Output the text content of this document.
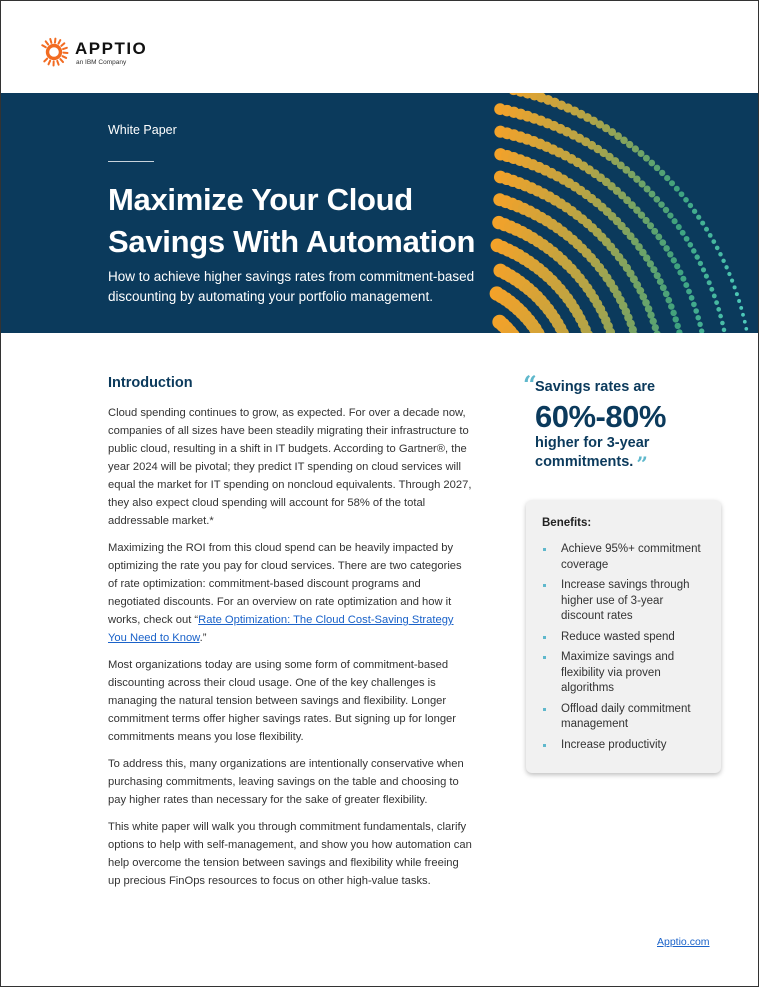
APPTIO
an IBM Company
White Paper
Maximize Your Cloud Savings With Automation
How to achieve higher savings rates from commitment-based discounting by automating your portfolio management.
Introduction

Cloud spending continues to grow, as expected. For over a decade now, companies of all sizes have been steadily migrating their infrastructure to public cloud, resulting in a shift in IT budgets. According to Gartner®, the year 2024 will be pivotal; they predict IT spending on cloud services will equal the market for IT spending on noncloud equivalents. Through 2027, they also expect cloud spending will account for 58% of the total addressable market.*

Maximizing the ROI from this cloud spend can be heavily impacted by optimizing the rate you pay for cloud services. There are two categories of rate optimization: commitment-based discount programs and negotiated discounts. For an overview on rate optimization and how it works, check out “Rate Optimization: The Cloud Cost-Saving Strategy You Need to Know.”

Most organizations today are using some form of commitment-based discounting across their cloud usage. One of the key challenges is managing the natural tension between savings and flexibility. Longer commitment terms offer higher savings rates. But signing up for longer commitments means you lose flexibility.

To address this, many organizations are intentionally conservative when purchasing commitments, leaving savings on the table and choosing to pay higher rates than necessary for the sake of greater flexibility.

This white paper will walk you through commitment fundamentals, clarify options to help with self-management, and show you how automation can help overcome the tension between savings and flexibility while freeing up precious FinOps resources to focus on other high-value tasks.

“
Savings rates are
60%-80%
higher for 3-year
commitments. ”
Benefits:
Achieve 95%+ commitment coverage
Increase savings through higher use of 3-year discount rates
Reduce wasted spend
Maximize savings and flexibility via proven algorithms
Offload daily commitment management
Increase productivity
Apptio.com
